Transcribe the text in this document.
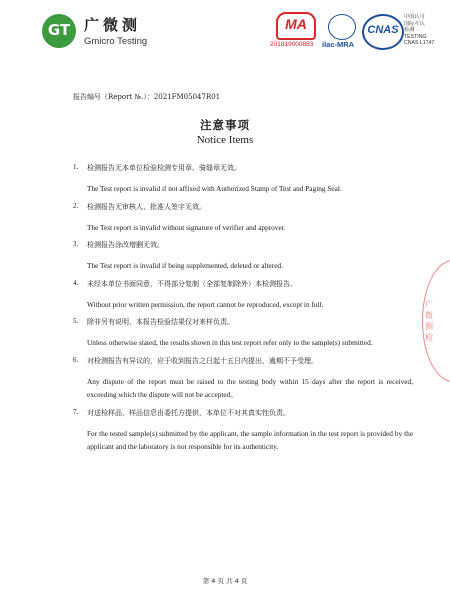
GT 广微测
Gmicro Testing
MA
201819000883 ilac-MRA
CNAS
中国认可
国际互认
检测
TESTING
CNAS L1747
报告编号（Report №.）：2021FM05047R01
注意事项
Notice Items
1.	检测报告无本单位检验检测专用章、骑缝章无效。
The Test report is invalid if not affixed with Authorized Stamp of Test and Paging Seal.
2.	检测报告无审核人、批准人签字无效。
The Test report is invalid without signature of verifier and approver.
3.	检测报告涂改增删无效。
The Test report is invalid if being supplemented, deleted or altered.
4.	未经本单位书面同意，不得部分复制（全部复制除外）本检测报告。
Without prior written permission, the report cannot be reproduced, except in full.
5.	除非另有说明，本报告检验结果仅对来样负责。
Unless otherwise stated, the results shown in this test report refer only to the sample(s) submitted.
6.	对检测报告有异议的，应于收到报告之日起十五日内提出，逾期不予受理。
Any dispute of the report must be raised to the testing body within 15 days after the report is received, exceeding which the dispute will not be accepted。
7.	对送检样品，样品信息由委托方提供，本单位不对其真实性负责。
For the tested sample(s) submitted by the applicant, the sample information in the test report is provided by the applicant and the laboratory is not responsible for its authenticity.
广微测检
第 4 页 共 4 页
